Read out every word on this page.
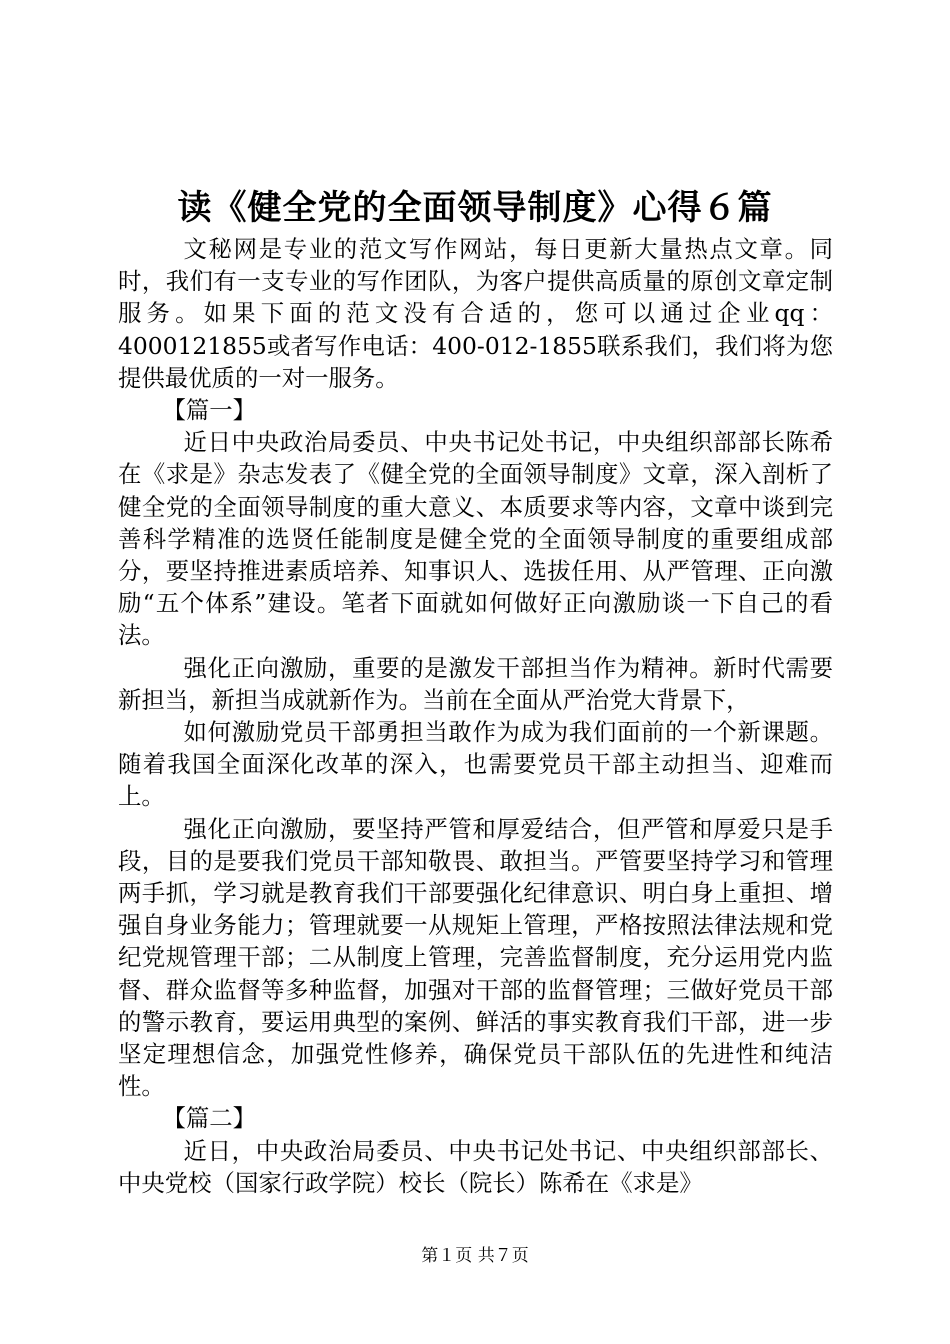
读《健全党的全面领导制度》心得６篇

文秘网是专业的范文写作网站，每日更新大量热点文章。同时，我们有一支专业的写作团队，为客户提供高质量的原创文章定制服务。如果下面的范文没有合适的，您可以通过企业qq：4000121855或者写作电话：400-012-1855联系我们，我们将为您提供最优质的一对一服务。

【篇一】

近日中央政治局委员、中央书记处书记，中央组织部部长陈希在《求是》杂志发表了《健全党的全面领导制度》文章，深入剖析了健全党的全面领导制度的重大意义、本质要求等内容，文章中谈到完善科学精准的选贤任能制度是健全党的全面领导制度的重要组成部分，要坚持推进素质培养、知事识人、选拔任用、从严管理、正向激励“五个体系”建设。笔者下面就如何做好正向激励谈一下自己的看法。

强化正向激励，重要的是激发干部担当作为精神。新时代需要新担当，新担当成就新作为。当前在全面从严治党大背景下，

如何激励党员干部勇担当敢作为成为我们面前的一个新课题。随着我国全面深化改革的深入，也需要党员干部主动担当、迎难而上。

强化正向激励，要坚持严管和厚爱结合，但严管和厚爱只是手段，目的是要我们党员干部知敬畏、敢担当。严管要坚持学习和管理两手抓，学习就是教育我们干部要强化纪律意识、明白身上重担、增强自身业务能力；管理就要一从规矩上管理，严格按照法律法规和党纪党规管理干部；二从制度上管理，完善监督制度，充分运用党内监督、群众监督等多种监督，加强对干部的监督管理；三做好党员干部的警示教育，要运用典型的案例、鲜活的事实教育我们干部，进一步坚定理想信念，加强党性修养，确保党员干部队伍的先进性和纯洁性。

【篇二】

近日，中央政治局委员、中央书记处书记、中央组织部部长、中央党校（国家行政学院）校长（院长）陈希在《求是》

第１页 共７页
